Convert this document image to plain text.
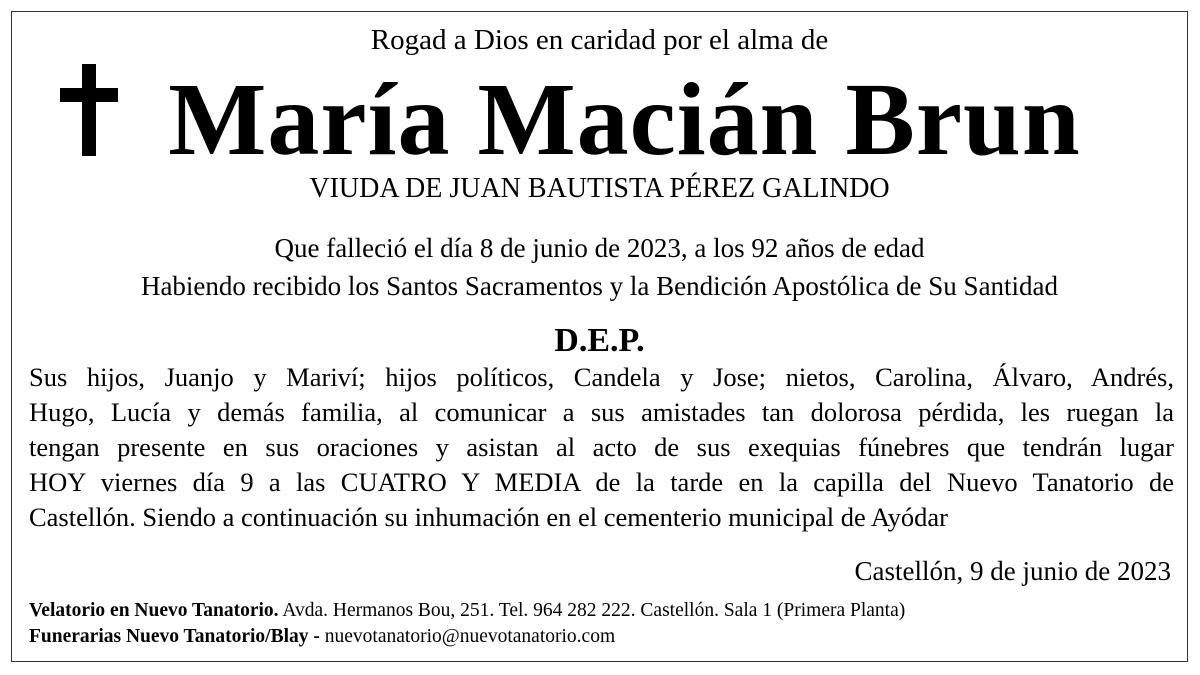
Rogad a Dios en caridad por el alma de
María Macián Brun
VIUDA DE JUAN BAUTISTA PÉREZ GALINDO
Que falleció el día 8 de junio de 2023, a los 92 años de edad
Habiendo recibido los Santos Sacramentos y la Bendición Apostólica de Su Santidad
D.E.P.
Sus hijos, Juanjo y Mariví; hijos políticos, Candela y Jose; nietos, Carolina, Álvaro, Andrés,
Hugo, Lucía y demás familia, al comunicar a sus amistades tan dolorosa pérdida, les ruegan la
tengan presente en sus oraciones y asistan al acto de sus exequias fúnebres que tendrán lugar
HOY viernes día 9 a las CUATRO Y MEDIA de la tarde en la capilla del Nuevo Tanatorio de
Castellón. Siendo a continuación su inhumación en el cementerio municipal de Ayódar
Castellón, 9 de junio de 2023
Velatorio en Nuevo Tanatorio. Avda. Hermanos Bou, 251. Tel. 964 282 222. Castellón. Sala 1 (Primera Planta)
Funerarias Nuevo Tanatorio/Blay - nuevotanatorio@nuevotanatorio.com
